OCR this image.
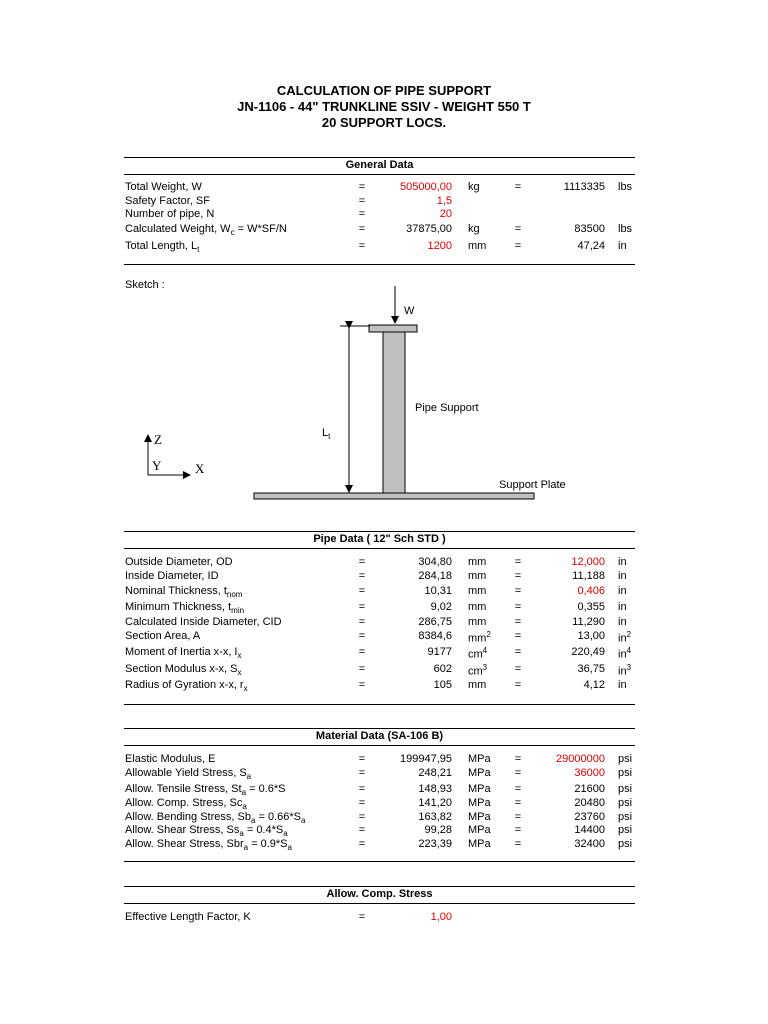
CALCULATION OF PIPE SUPPORT
JN-1106 - 44" TRUNKLINE SSIV - WEIGHT 550 T
20 SUPPORT LOCS.
General Data
Total Weight, W	=	505000,00 kg	=	1113335 lbs
Safety Factor, SF	=	1,5
Number of pipe, N	=	20
Calculated Weight, $W_c = W*SF/N$	=	37875,00 kg	=	83500 lbs
Total Length, $L_t$	=	1200 mm	=	47,24 in
Sketch :
W
$L_t$
Pipe Support
Support Plate
Z
Y	X
Pipe Data ( 12" Sch STD )
Outside Diameter, OD	=	304,80 mm	=	12,000 in
Inside Diameter, ID	=	284,18 mm	=	11,188 in
Nominal Thickness, $t_{nom}$	=	10,31 mm	=	0,406 in
Minimum Thickness, $t_{min}$	=	9,02 mm	=	0,355 in
Calculated Inside Diameter, CID	=	286,75 mm	=	11,290 in
Section Area, A	=	8384,6 $mm^2$ =	13,00 $in^2$
Moment of Inertia x-x, $I_x$	=	9177 $cm^4$	=	220,49 $in^4$
Section Modulus x-x, $S_x$	=	602 $cm^3$	=	36,75 $in^3$
Radius of Gyration x-x, $r_x$	=	105 mm	=	4,12 in
Material Data (SA-106 B)
Elastic Modulus, E	=	199947,95 MPa =	29000000 psi
Allowable Yield Stress, $S_a$	=	248,21 MPa =	36000 psi
Allow. Tensile Stress, $St_a = 0.6*S$	=	148,93 MPa =	21600 psi
Allow. Comp. Stress, $Sc_a$	=	141,20 MPa =	20480 psi
Allow. Bending Stress, $Sb_a = 0.66*S_a$	=	163,82 MPa =	23760 psi
Allow. Shear Stress, $Ss_a = 0.4*S_a$	=	99,28 MPa =	14400 psi
Allow. Shear Stress, $Sbr_a = 0.9*S_a$	=	223,39 MPa =	32400 psi
Allow. Comp. Stress
Effective Length Factor, K	=	1,00
